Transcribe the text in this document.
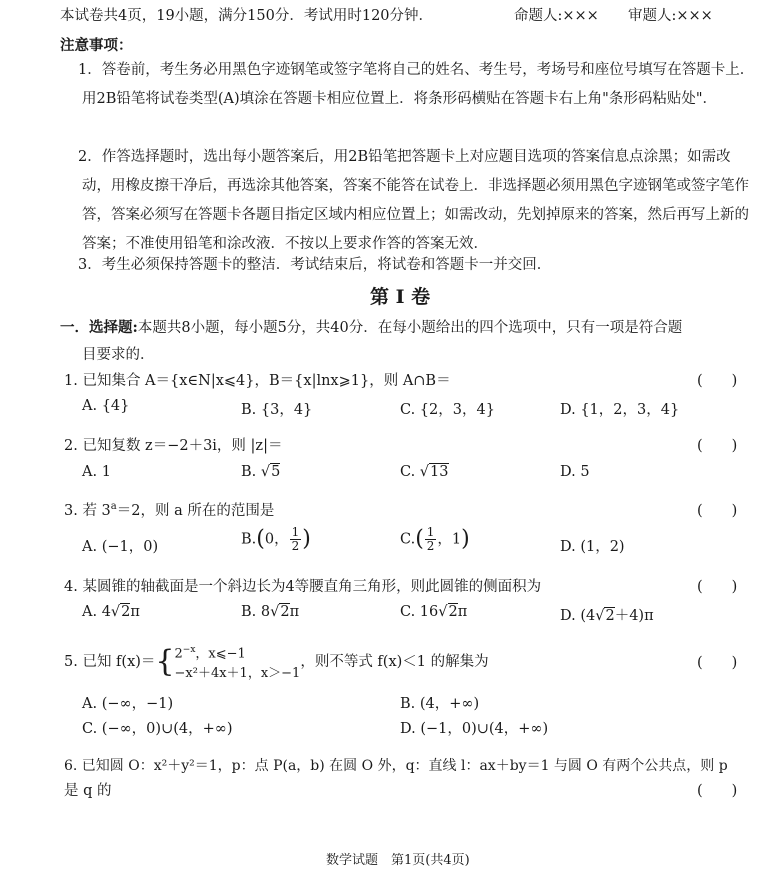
本试卷共4页，19小题，满分150分．考试用时120分钟．	命题人:××× 审题人:×××
注意事项：
1．答卷前，考生务必用黑色字迹钢笔或签字笔将自己的姓名、考生号，考场号和座位号填写在答题卡上．用2B铅笔将试卷类型(A)填涂在答题卡相应位置上．将条形码横贴在答题卡右上角"条形码粘贴处"．
2．作答选择题时，选出每小题答案后，用2B铅笔把答题卡上对应题目选项的答案信息点涂黑；如需改动，用橡皮擦干净后，再选涂其他答案，答案不能答在试卷上．非选择题必须用黑色字迹钢笔或签字笔作答，答案必须写在答题卡各题目指定区域内相应位置上；如需改动，先划掉原来的答案，然后再写上新的答案；不准使用铅笔和涂改液．不按以上要求作答的答案无效．
3．考生必须保持答题卡的整洁．考试结束后，将试卷和答题卡一并交回．
第 Ⅰ 卷
一．选择题:本题共8小题，每小题5分，共40分．在每小题给出的四个选项中，只有一项是符合题
目要求的．
1. 已知集合 A＝{x∈N|x⩽4}，B＝{x|lnx⩾1}，则 A∩B＝	(　　)
A. {4}	B. {3，4}	C. {2，3，4}	D. {1，2，3，4}
2. 已知复数 z＝−2＋3i，则 |z|＝	(　　)
A. 1	B. √5	C. √13	D. 5
3. 若 $3^a=2$，则 a 所在的范围是	(　　)
A. (−1，0)	B.(0， $\frac{1}{2}$ )	$C.( \frac{1}{2}$ ，1)	D. (1，2)
4. 某圆锥的轴截面是一个斜边长为4等腰直角三角形，则此圆锥的侧面积为	(　　)
A. 4√2π	B. 8√2π	C. 16√2π	D. (4√2＋4)π
5. 已知 f(x)＝{ $2^{-x}$，x⩽−1
−x²＋4x＋1，x＞−1
，则不等式 f(x)＜1 的解集为	(　　)
A. (−∞，−1)	B. (4，+∞)
C. (−∞，0)∪(4，+∞)	D. (−1，0)∪(4，+∞)
6. 已知圆 O：x²＋y²＝1，p：点 P(a，b) 在圆 O 外，q：直线 l：ax＋by＝1 与圆 O 有两个公共点，则 p
是 q 的	(　　)
数学试题　第1页(共4页)
